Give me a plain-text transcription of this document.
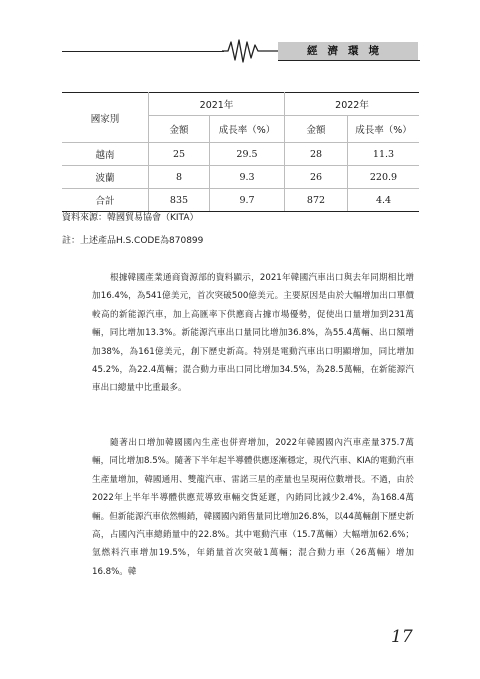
經濟環境
國家別	2021年		2022年	
	金額	成長率（%）	金額	成長率（%）
越南	25	29.5	28	11.3
波蘭	8	9.3	26	220.9
合計	835	9.7	872	4.4
資料來源：韓國貿易協會（KITA）
註：上述產品H.S.CODE為870899

根據韓國產業通商資源部的資料顯示，2021年韓國汽車出口與去年同期相比增加16.4%，為541億美元，首次突破500億美元。主要原因是由於大幅增加出口單價較高的新能源汽車，加上高匯率下供應商占據市場優勢，促使出口量增加到231萬輛，同比增加13.3%。新能源汽車出口量同比增加36.8%，為55.4萬輛、出口額增加38%，為161億美元，創下歷史新高。特別是電動汽車出口明顯增加，同比增加45.2%，為22.4萬輛；混合動力車出口同比增加34.5%，為28.5萬輛，在新能源汽車出口總量中比重最多。

隨著出口增加韓國國內生產也併齊增加，2022年韓國國內汽車產量375.7萬輛，同比增加8.5%。隨著下半年起半導體供應逐漸穩定，現代汽車、KIA的電動汽車生產量增加，韓國通用、雙龍汽車、雷諾三星的產量也呈現兩位數增長。不過，由於2022年上半年半導體供應荒導致車輛交貨延遲，內銷同比減少2.4%，為168.4萬輛。但新能源汽車依然暢銷，韓國國內銷售量同比增加26.8%，以44萬輛創下歷史新高，占國內汽車總銷量中的22.8%。其中電動汽車（15.7萬輛）大幅增加62.6%；氫燃料汽車增加19.5%，年銷量首次突破1萬輛；混合動力車（26萬輛）增加16.8%。韓

17
